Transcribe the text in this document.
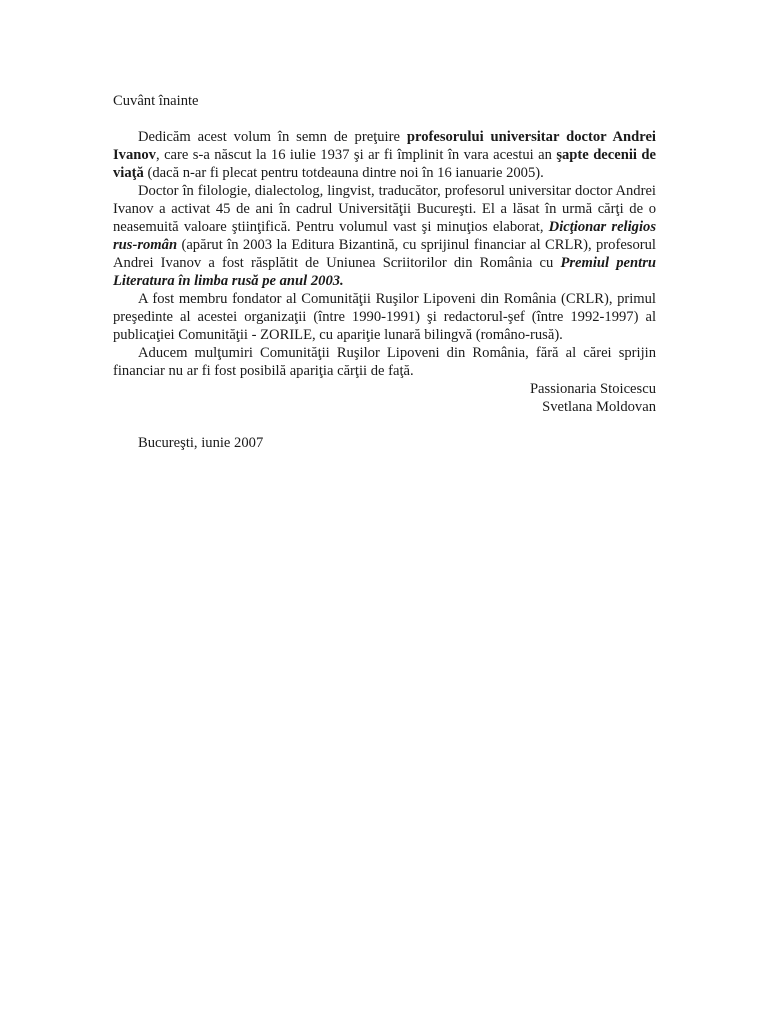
Cuvânt înainte

Dedicăm acest volum în semn de preţuire profesorului universitar doctor Andrei Ivanov, care s-a născut la 16 iulie 1937 şi ar fi împlinit în vara acestui an şapte decenii de viaţă (dacă n-ar fi plecat pentru totdeauna dintre noi în 16 ianuarie 2005).

Doctor în filologie, dialectolog, lingvist, traducător, profesorul universitar doctor Andrei Ivanov a activat 45 de ani în cadrul Universităţii Bucureşti. El a lăsat în urmă cărţi de o neasemuită valoare ştiinţifică. Pentru volumul vast şi minuţios elaborat, Dicţionar religios rus-român (apărut în 2003 la Editura Bizantină, cu sprijinul financiar al CRLR), profesorul Andrei Ivanov a fost răsplătit de Uniunea Scriitorilor din România cu Premiul pentru Literatura în limba rusă pe anul 2003.

A fost membru fondator al Comunităţii Ruşilor Lipoveni din România (CRLR), primul preşedinte al acestei organizaţii (între 1990-1991) şi redactorul-şef (între 1992-1997) al publicaţiei Comunităţii - ZORILE, cu apariţie lunară bilingvă (româno-rusă).

Aducem mulţumiri Comunităţii Ruşilor Lipoveni din România, fără al cărei sprijin financiar nu ar fi fost posibilă apariţia cărţii de faţă.

Passionaria Stoicescu

Svetlana Moldovan

Bucureşti, iunie 2007
